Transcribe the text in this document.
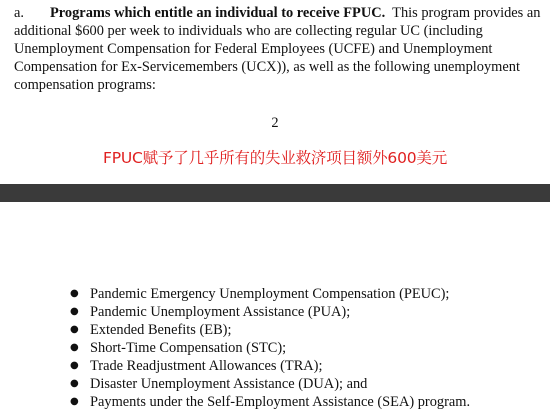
a. Programs which entitle an individual to receive FPUC. This program provides an
additional $600 per week to individuals who are collecting regular UC (including
Unemployment Compensation for Federal Employees (UCFE) and Unemployment
Compensation for Ex-Servicemembers (UCX)), as well as the following unemployment
compensation programs:
2
FPUC赋予了几乎所有的失业救济项目额外600美元
● Pandemic Emergency Unemployment Compensation (PEUC);
● Pandemic Unemployment Assistance (PUA);
● Extended Benefits (EB);
● Short-Time Compensation (STC);
● Trade Readjustment Allowances (TRA);
● Disaster Unemployment Assistance (DUA); and
● Payments under the Self-Employment Assistance (SEA) program.
